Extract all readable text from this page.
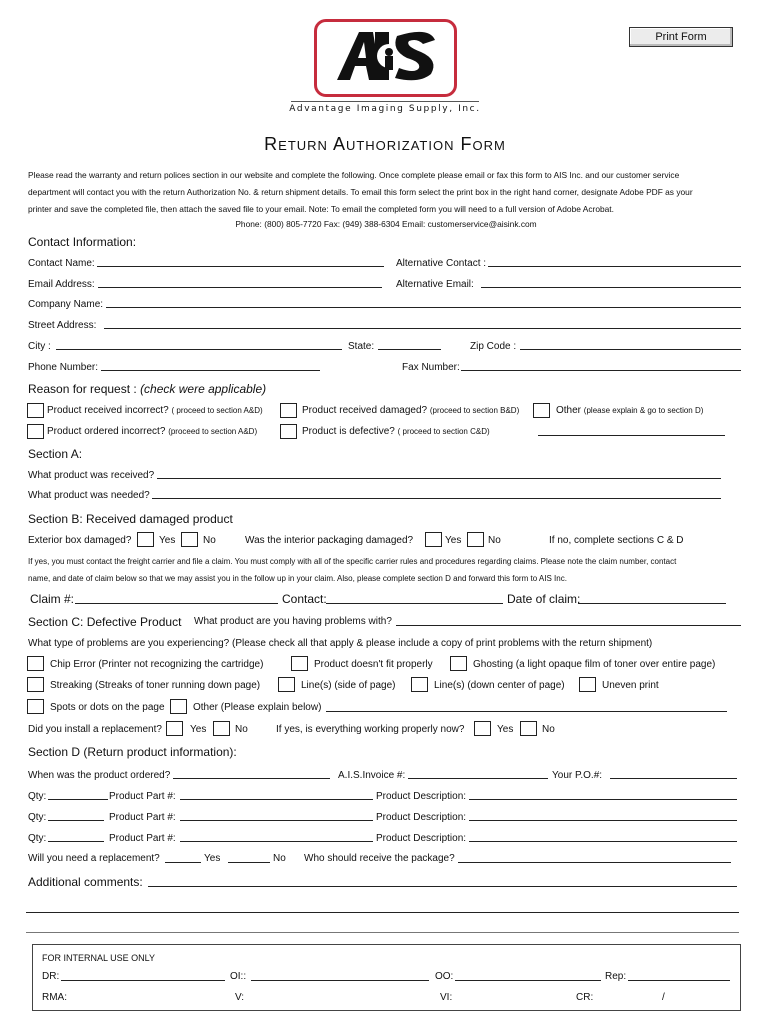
Print Form
Advantage Imaging Supply, Inc.
Return Authorization Form
Please read the warranty and return polices section in our website and complete the following. Once complete please email or fax this form to AIS Inc. and our customer service
department will contact you with the return Authorization No. & return shipment details. To email this form select the print box in the right hand corner, designate Adobe PDF as your
printer and save the completed file, then attach the saved file to your email. Note: To email the completed form you will need to a full version of Adobe Acrobat.
Phone: (800) 805-7720 Fax: (949) 388-6304 Email: customerservice@aisink.com
Contact Information:
Contact Name:	Alternative Contact :
Email Address:	Alternative Email:
Company Name:
Street Address:
City :	State:	Zip Code :
Phone Number:	Fax Number:
Reason for request : (check were applicable)
Product received incorrect? ( proceed to section A&D)	Product received damaged? (proceed to section B&D)	Other (please explain & go to section D)
Product ordered incorrect? (proceed to section A&D)	Product is defective? ( proceed to section C&D)
Section A:
What product was received?
What product was needed?
Section B: Received damaged product
Exterior box damaged?	Yes	No	Was the interior packaging damaged?	Yes	No	If no, complete sections C & D
If yes, you must contact the freight carrier and file a claim. You must comply with all of the specific carrier rules and procedures regarding claims. Please note the claim number, contact
name, and date of claim below so that we may assist you in the follow up in your claim. Also, please complete section D and forward this form to AIS Inc.
Claim #:	Contact:	Date of claim:
Section C: Defective Product What product are you having problems with?
What type of problems are you experiencing? (Please check all that apply & please include a copy of print problems with the return shipment)
Chip Error (Printer not recognizing the cartridge)	Product doesn't fit properly	Ghosting (a light opaque film of toner over entire page)
Streaking (Streaks of toner running down page)	Line(s) (side of page)	Line(s) (down center of page)	Uneven print
Spots or dots on the page	Other (Please explain below)
Did you install a replacement?	Yes	No	If yes, is everything working properly now?	Yes	No
Section D (Return product information):
When was the product ordered?	A.I.S.Invoice #:	Your P.O.#:
Qty:	Product Part #:	Product Description:
Qty:	Product Part #:	Product Description:
Qty:	Product Part #:	Product Description:
Will you need a replacement?	Yes	No Who should receive the package?
Additional comments:
FOR INTERNAL USE ONLY
DR:	OI::	OO:	Rep:
RMA:	V:	VI:	CR:	/
